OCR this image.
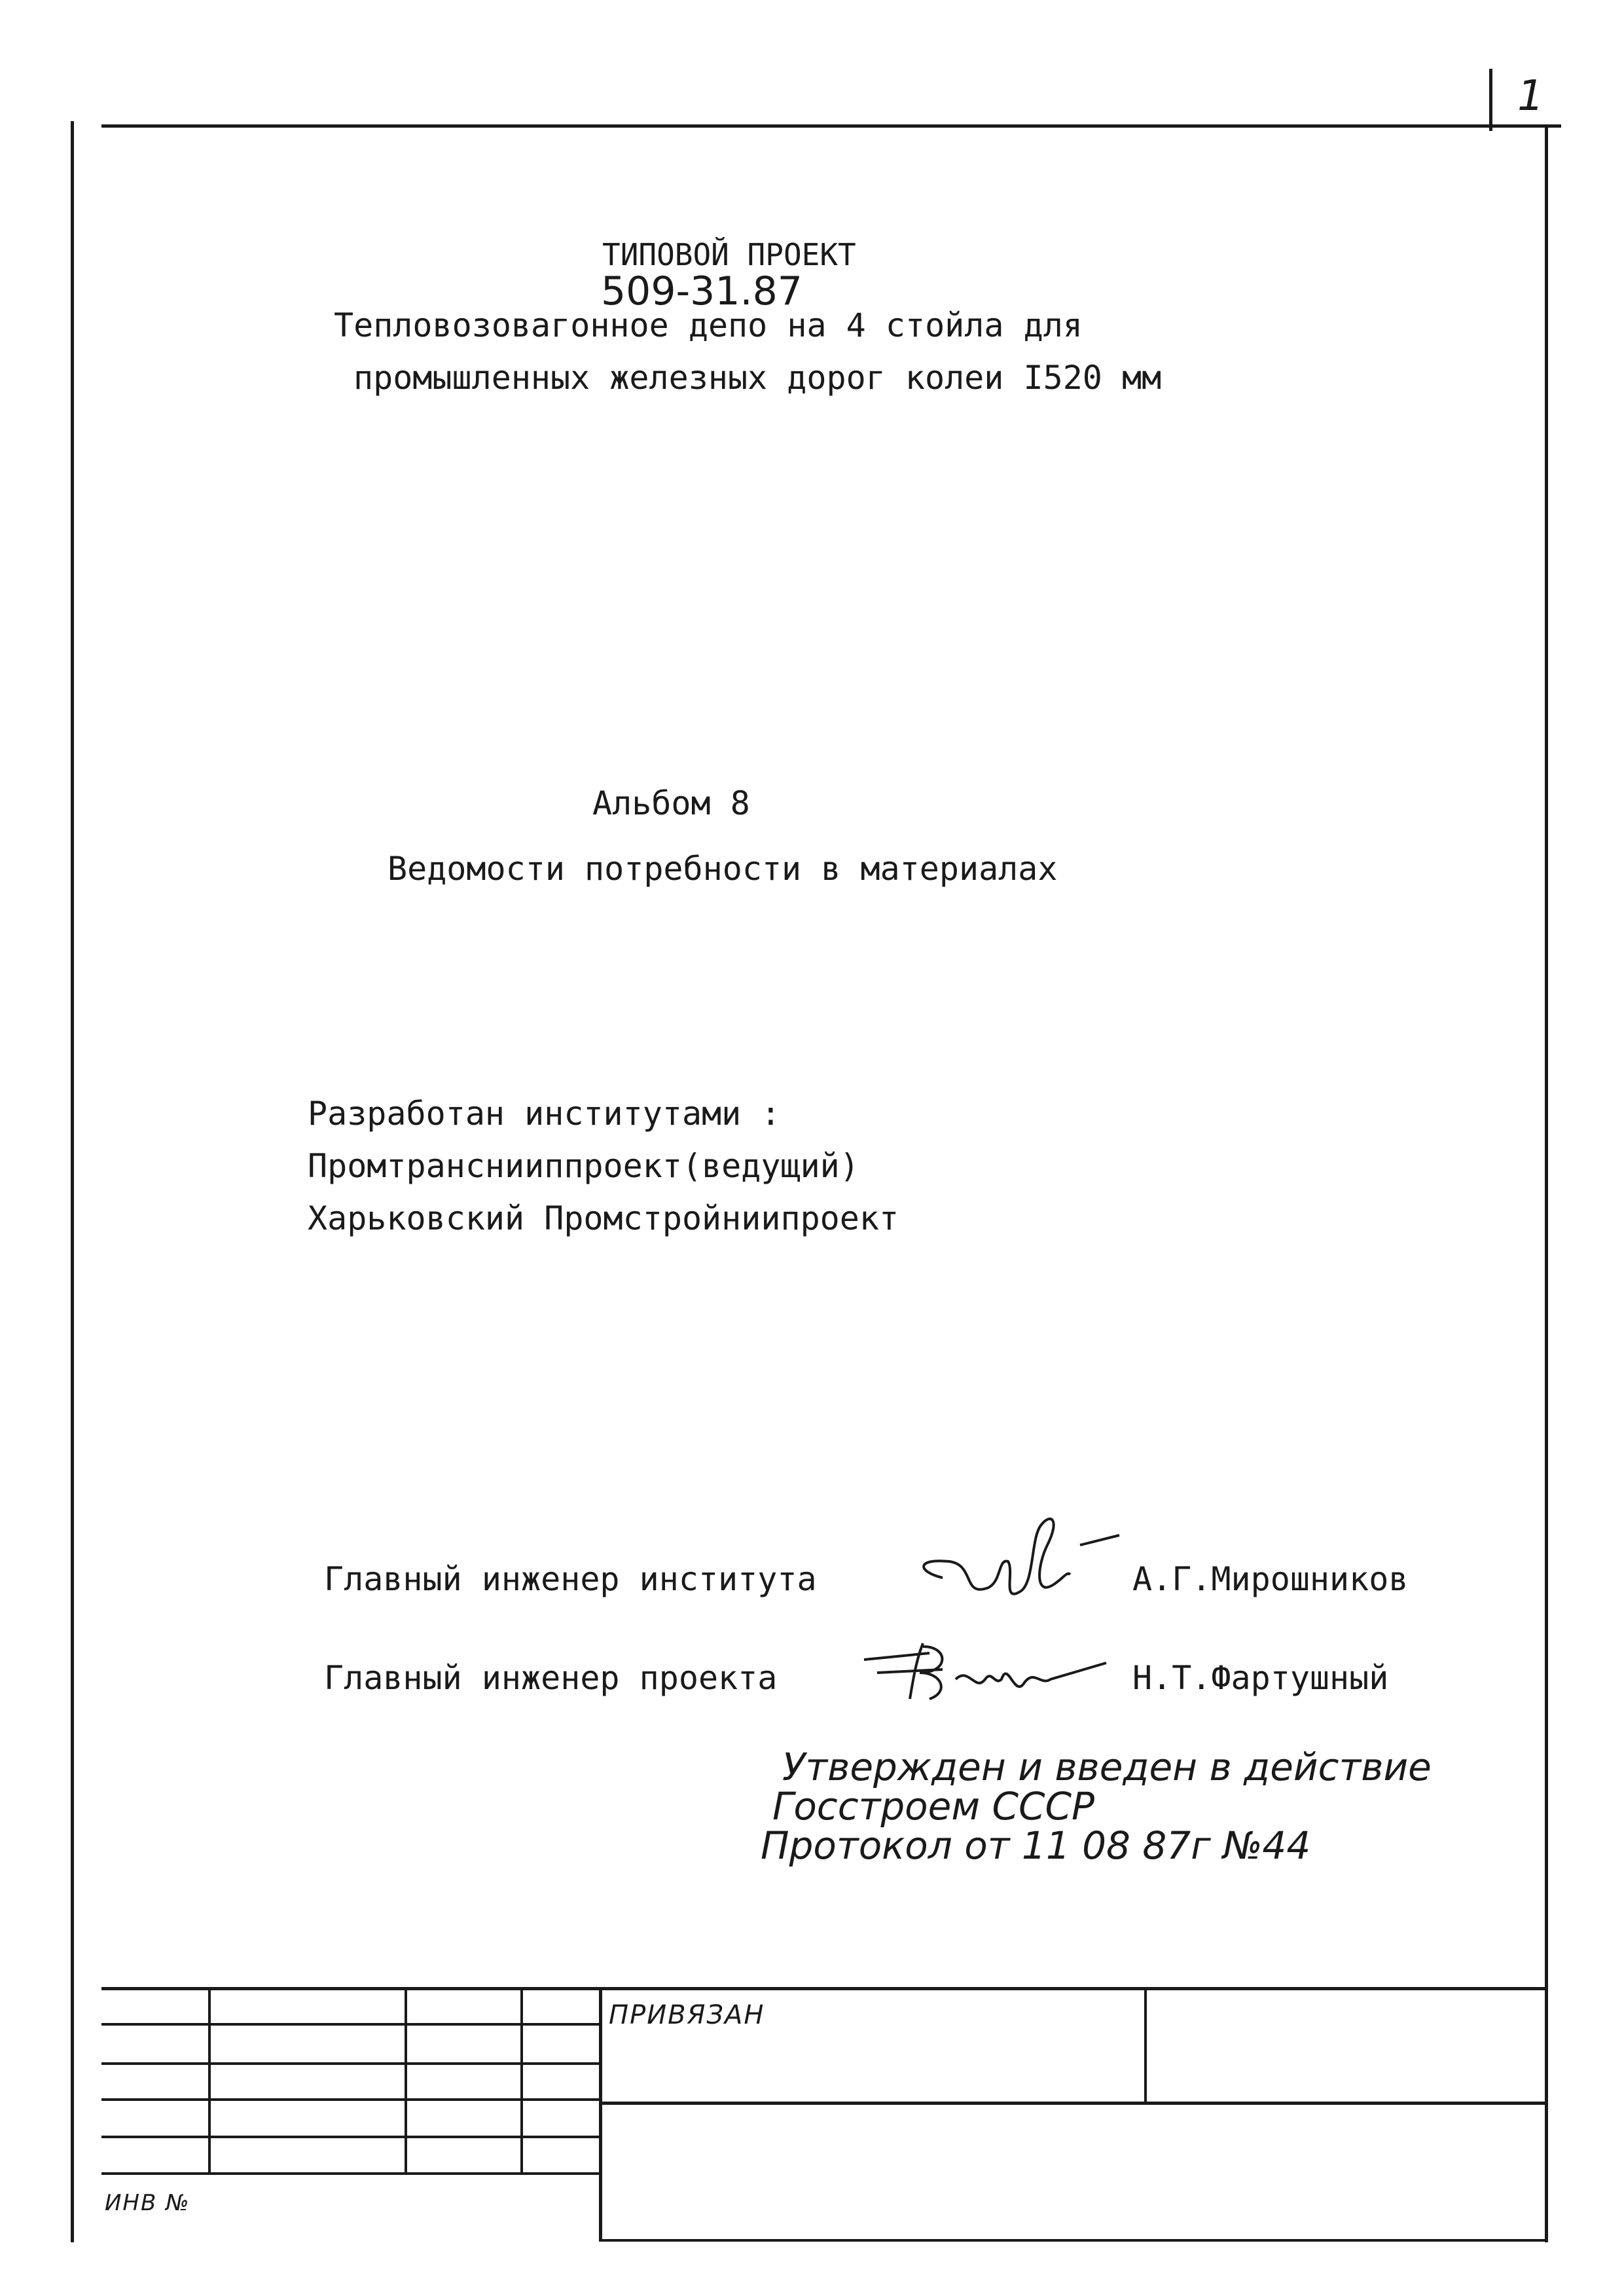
1
ТИПОВОЙ ПРОЕКТ
509-31.87
Тепловозовагонное депо на 4 стойла для
промышленных железных дорог колеи I520 мм
Альбом 8
Ведомости потребности в материалах
Разработан институтами :
Промтранснииппроект(ведущий)
Харьковский Промстройниипроект
Главный инженер института	А.Г.Мирошников
Главный инженер проекта	Н.Т.Фартушный
Утвержден и введен в действие
Госстроем СССР
Протокол от 11 08 87г №44
ПРИВЯЗАН
ИНВ №
